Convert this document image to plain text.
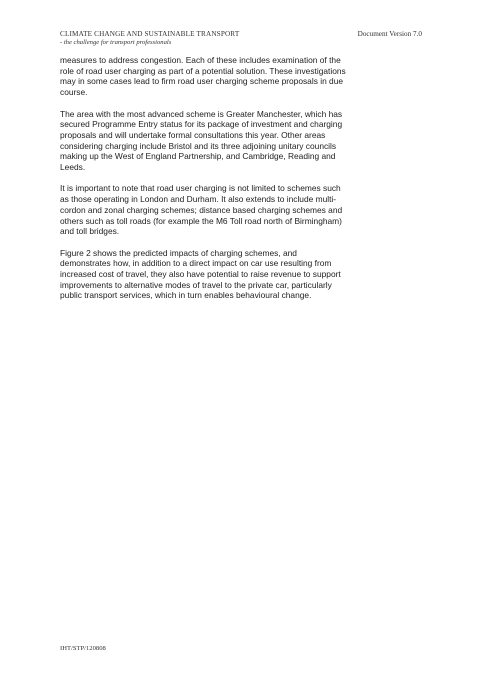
CLIMATE CHANGE AND SUSTAINABLE TRANSPORT
- the challenge for transport professionals
Document Version 7.0

measures to address congestion. Each of these includes examination of the
role of road user charging as part of a potential solution. These investigations
may in some cases lead to firm road user charging scheme proposals in due
course.

The area with the most advanced scheme is Greater Manchester, which has
secured Programme Entry status for its package of investment and charging
proposals and will undertake formal consultations this year. Other areas
considering charging include Bristol and its three adjoining unitary councils
making up the West of England Partnership, and Cambridge, Reading and
Leeds.

It is important to note that road user charging is not limited to schemes such
as those operating in London and Durham. It also extends to include multi-
cordon and zonal charging schemes; distance based charging schemes and
others such as toll roads (for example the M6 Toll road north of Birmingham)
and toll bridges.

Figure 2 shows the predicted impacts of charging schemes, and
demonstrates how, in addition to a direct impact on car use resulting from
increased cost of travel, they also have potential to raise revenue to support
improvements to alternative modes of travel to the private car, particularly
public transport services, which in turn enables behavioural change.

IHT/STP/120808
